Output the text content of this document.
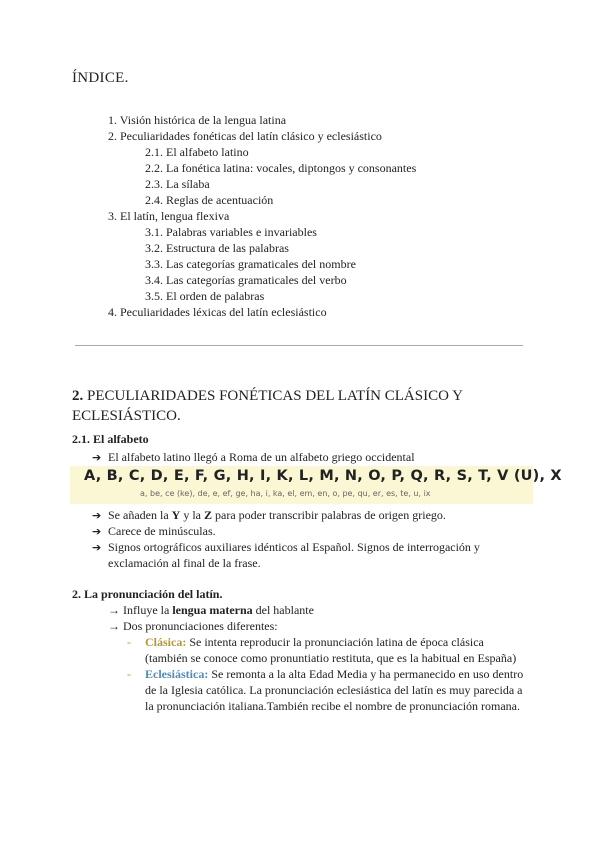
ÍNDICE.
1. Visión histórica de la lengua latina
2. Peculiaridades fonéticas del latín clásico y eclesiástico
2.1. El alfabeto latino
2.2. La fonética latina: vocales, diptongos y consonantes
2.3. La sílaba
2.4. Reglas de acentuación
3. El latín, lengua flexiva
3.1. Palabras variables e invariables
3.2. Estructura de las palabras
3.3. Las categorías gramaticales del nombre
3.4. Las categorías gramaticales del verbo
3.5. El orden de palabras
4. Peculiaridades léxicas del latín eclesiástico
2. PECULIARIDADES FONÉTICAS DEL LATÍN CLÁSICO Y ECLESIÁSTICO.
2.1. El alfabeto
➔ El alfabeto latino llegó a Roma de un alfabeto griego occidental
A, B, C, D, E, F, G, H, I, K, L, M, N, O, P, Q, R, S, T, V (U), X
a, be, ce (ke), de, e, ef, ge, ha, i, ka, el, em, en, o, pe, qu, er, es, te, u, ix
➔ Se añaden la Y y la Z para poder transcribir palabras de origen griego.
➔ Carece de minúsculas.
➔ Signos ortográficos auxiliares idénticos al Español. Signos de interrogación y
exclamación al final de la frase.
2. La pronunciación del latín.
→ Influye la lengua materna del hablante
→ Dos pronunciaciones diferentes:
- Clásica: Se intenta reproducir la pronunciación latina de época clásica
(también se conoce como pronuntiatio restituta, que es la habitual en España)
- Eclesiástica: Se remonta a la alta Edad Media y ha permanecido en uso dentro
de la Iglesia católica. La pronunciación eclesiástica del latín es muy parecida a
la pronunciación italiana.También recibe el nombre de pronunciación romana.
